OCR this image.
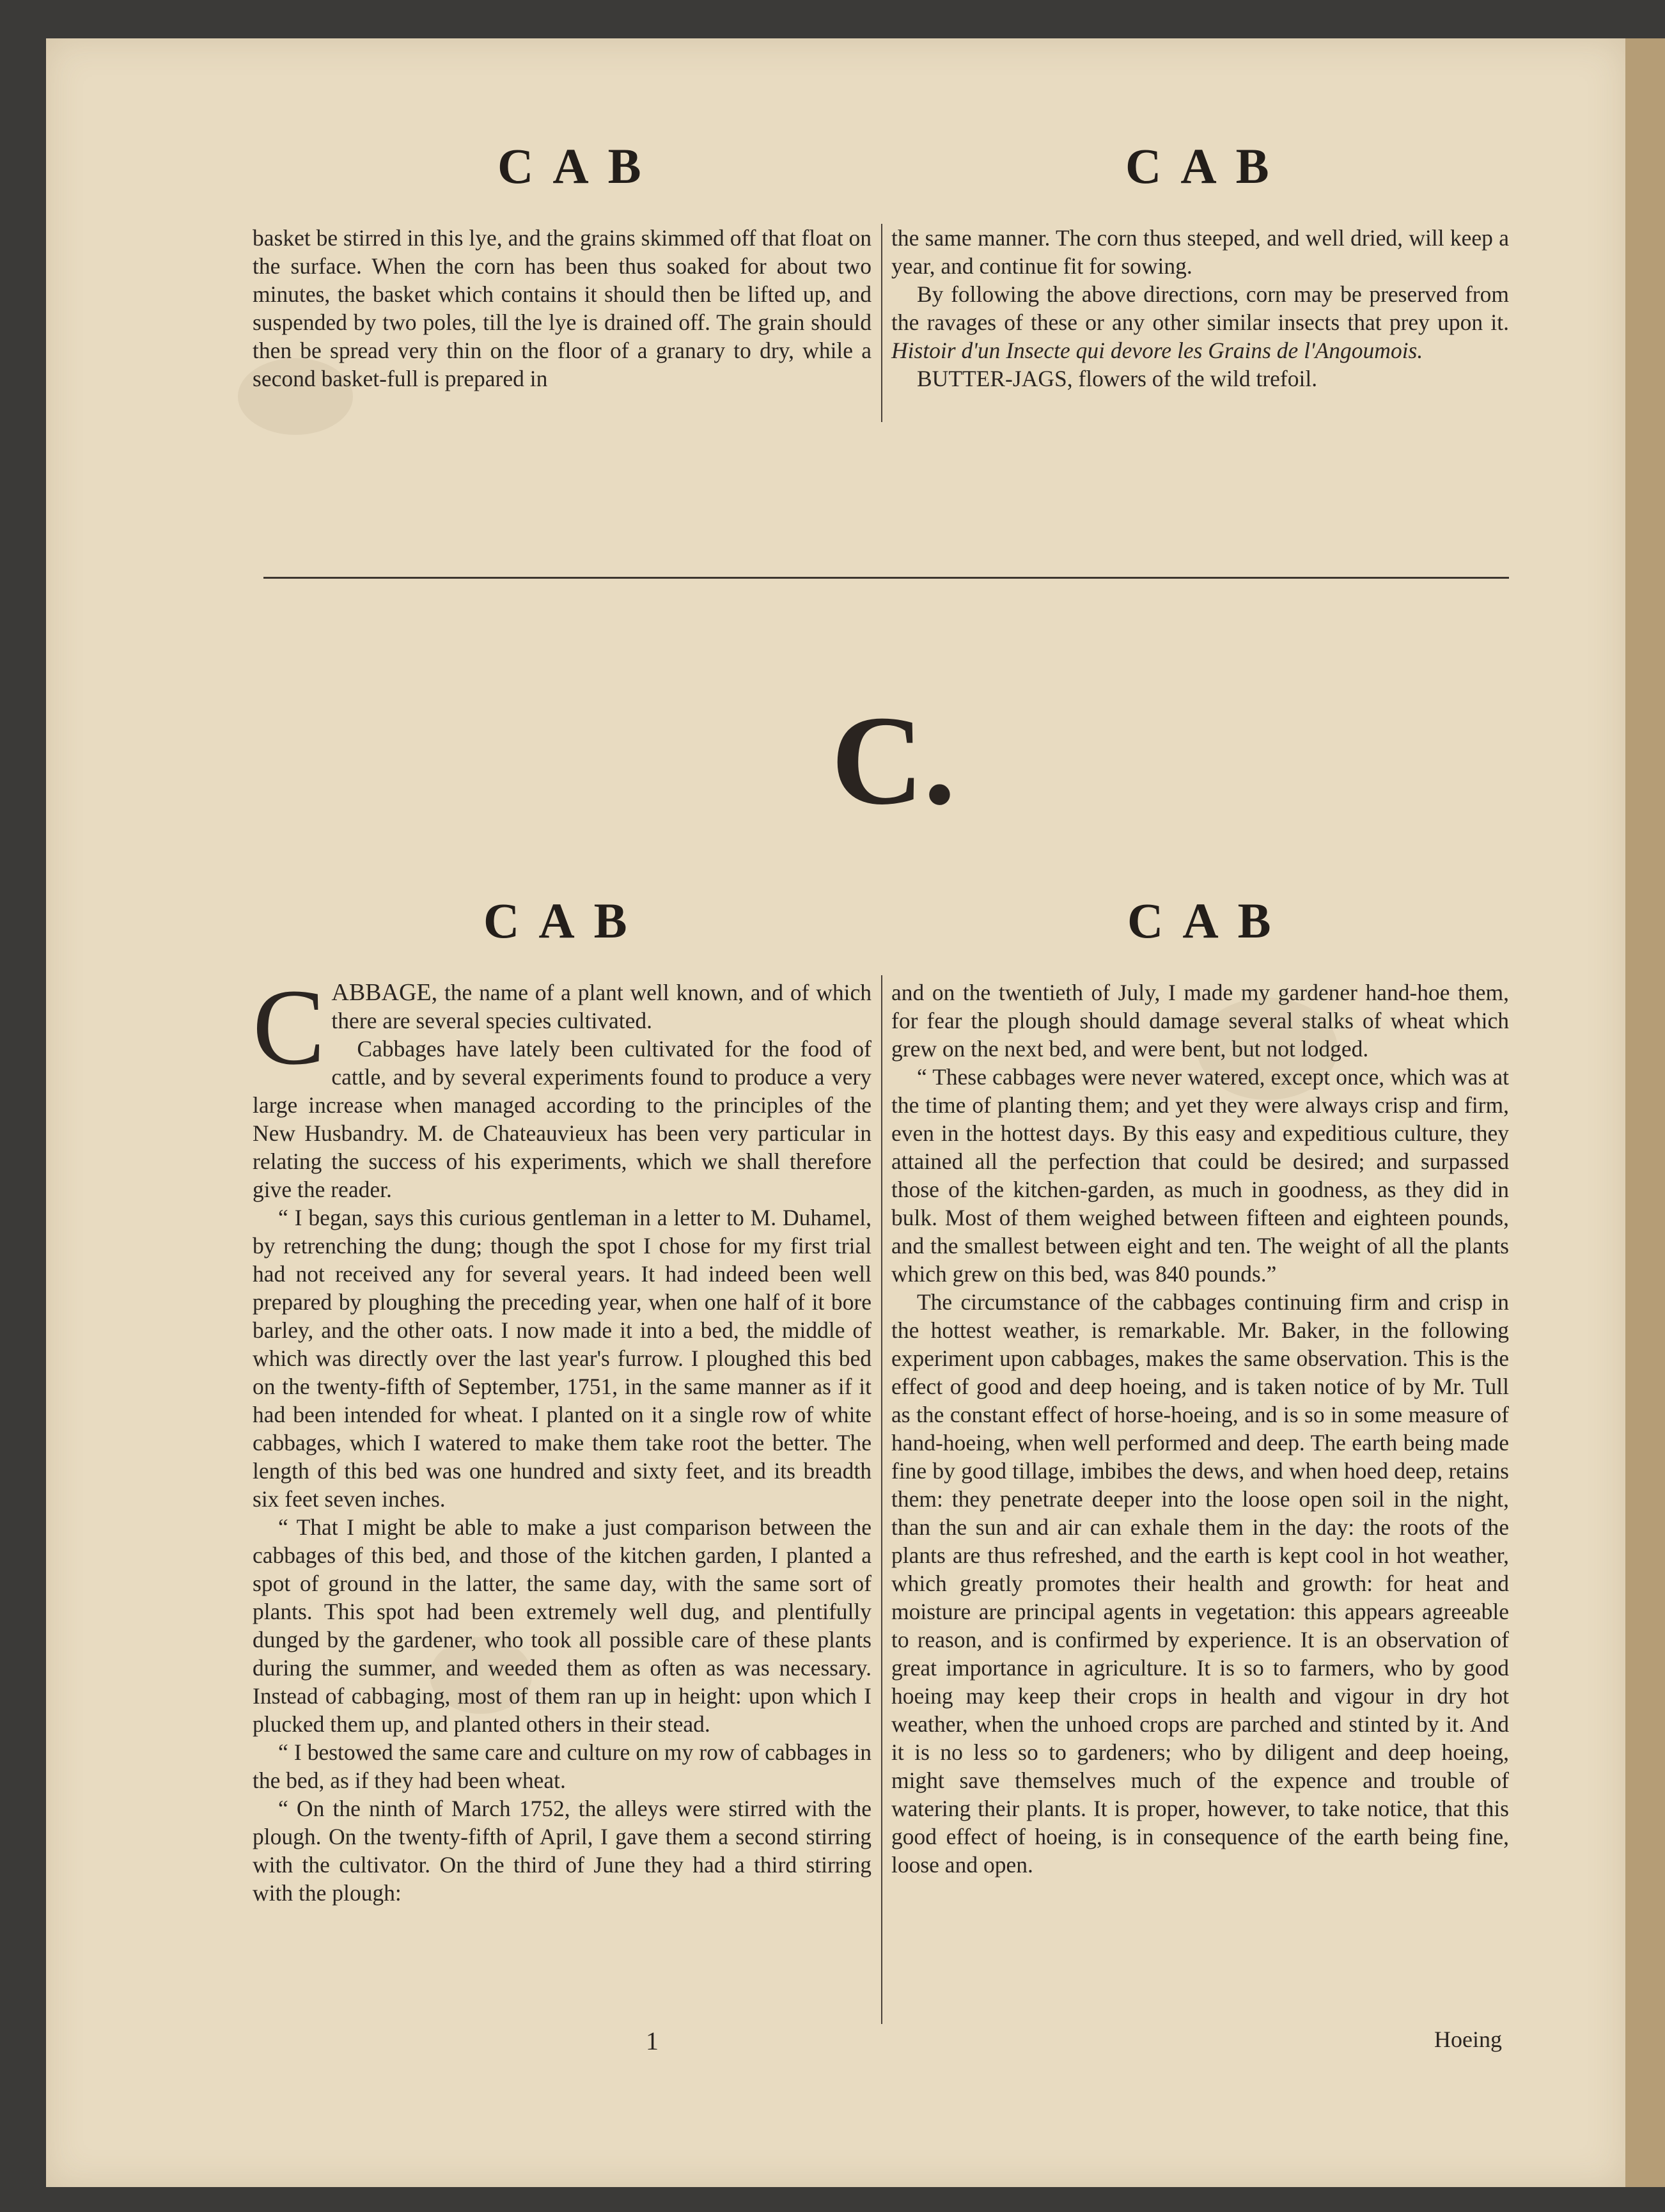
CAB	CAB

basket be stirred in this lye, and the grains skimmed off that float on the surface. When the corn has been thus soaked for about two minutes, the basket which contains it should then be lifted up, and suspended by two poles, till the lye is drained off. The grain should then be spread very thin on the floor of a granary to dry, while a second basket-full is prepared in

the same manner. The corn thus steeped, and well dried, will keep a year, and continue fit for sowing.

By following the above directions, corn may be preserved from the ravages of these or any other similar insects that prey upon it. Histoir d'un Insecte qui devore les Grains de l'Angoumois.

BUTTER-JAGS, flowers of the wild trefoil.

C.
CAB	CAB

CABBAGE, the name of a plant well known, and of which there are several species cultivated.

Cabbages have lately been cultivated for the food of cattle, and by several experiments found to produce a very large increase when managed according to the principles of the New Husbandry. M. de Chateauvieux has been very particular in relating the success of his experiments, which we shall therefore give the reader.

“ I began, says this curious gentleman in a letter to M. Duhamel, by retrenching the dung; though the spot I chose for my first trial had not received any for several years. It had indeed been well prepared by ploughing the preceding year, when one half of it bore barley, and the other oats. I now made it into a bed, the middle of which was directly over the last year's furrow. I ploughed this bed on the twenty-fifth of September, 1751, in the same manner as if it had been intended for wheat. I planted on it a single row of white cabbages, which I watered to make them take root the better. The length of this bed was one hundred and sixty feet, and its breadth six feet seven inches.

“ That I might be able to make a just comparison between the cabbages of this bed, and those of the kitchen garden, I planted a spot of ground in the latter, the same day, with the same sort of plants. This spot had been extremely well dug, and plentifully dunged by the gardener, who took all possible care of these plants during the summer, and weeded them as often as was necessary. Instead of cabbaging, most of them ran up in height: upon which I plucked them up, and planted others in their stead.

“ I bestowed the same care and culture on my row of cabbages in the bed, as if they had been wheat.

“ On the ninth of March 1752, the alleys were stirred with the plough. On the twenty-fifth of April, I gave them a second stirring with the cultivator. On the third of June they had a third stirring with the plough:

and on the twentieth of July, I made my gardener hand-hoe them, for fear the plough should damage several stalks of wheat which grew on the next bed, and were bent, but not lodged.

“ These cabbages were never watered, except once, which was at the time of planting them; and yet they were always crisp and firm, even in the hottest days. By this easy and expeditious culture, they attained all the perfection that could be desired; and surpassed those of the kitchen-garden, as much in goodness, as they did in bulk. Most of them weighed between fifteen and eighteen pounds, and the smallest between eight and ten. The weight of all the plants which grew on this bed, was 840 pounds.”

The circumstance of the cabbages continuing firm and crisp in the hottest weather, is remarkable. Mr. Baker, in the following experiment upon cabbages, makes the same observation. This is the effect of good and deep hoeing, and is taken notice of by Mr. Tull as the constant effect of horse-hoeing, and is so in some measure of hand-hoeing, when well performed and deep. The earth being made fine by good tillage, imbibes the dews, and when hoed deep, retains them: they penetrate deeper into the loose open soil in the night, than the sun and air can exhale them in the day: the roots of the plants are thus refreshed, and the earth is kept cool in hot weather, which greatly promotes their health and growth: for heat and moisture are principal agents in vegetation: this appears agreeable to reason, and is confirmed by experience. It is an observation of great importance in agriculture. It is so to farmers, who by good hoeing may keep their crops in health and vigour in dry hot weather, when the unhoed crops are parched and stinted by it. And it is no less so to gardeners; who by diligent and deep hoeing, might save themselves much of the expence and trouble of watering their plants. It is proper, however, to take notice, that this good effect of hoeing, is in consequence of the earth being fine, loose and open.

1	Hoeing
